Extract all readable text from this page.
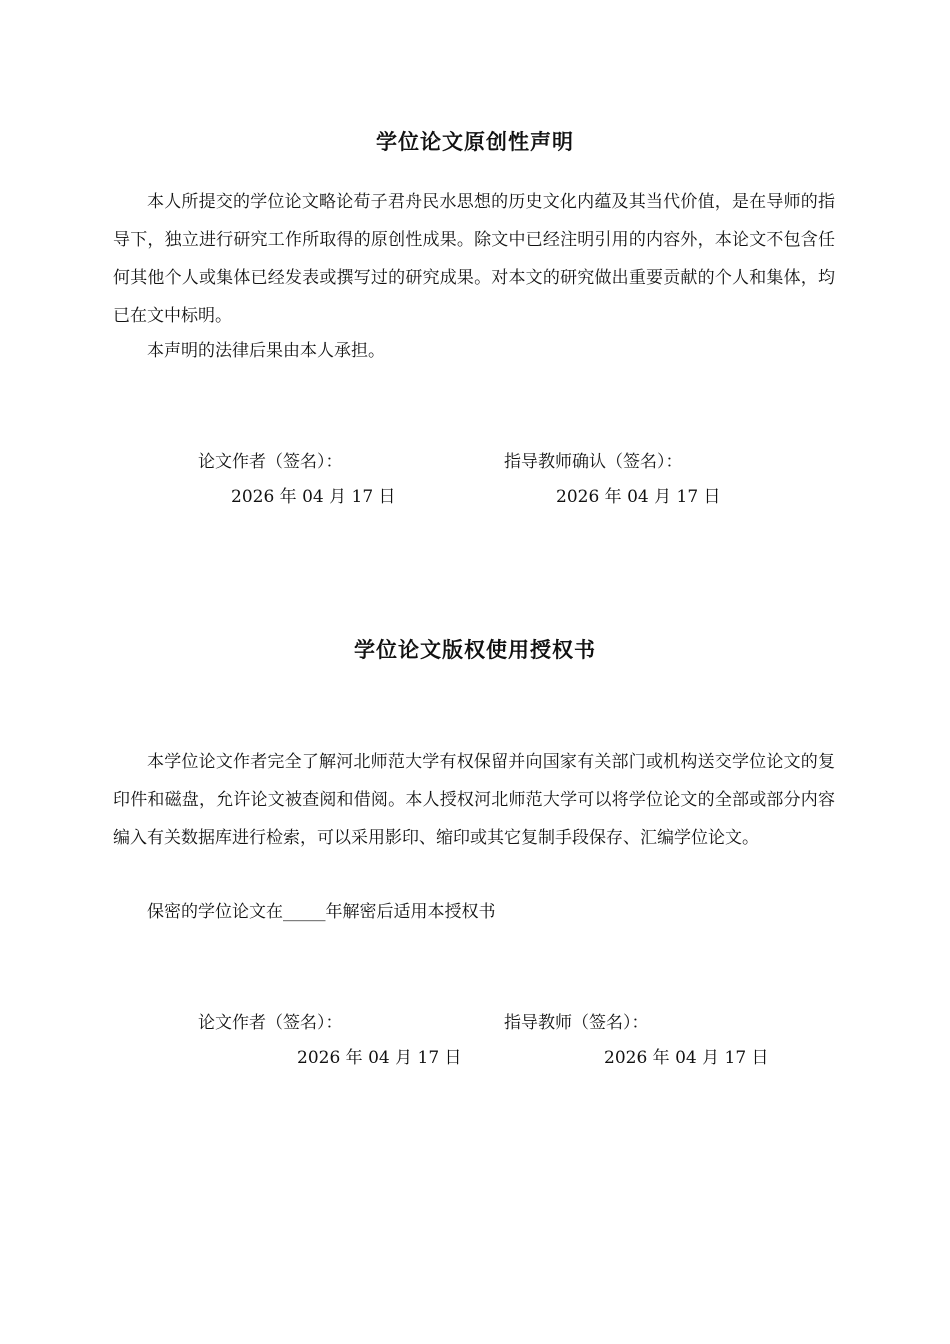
学位论文原创性声明

本人所提交的学位论文略论荀子君舟民水思想的历史文化内蕴及其当代价值，是在导师的指导下，独立进行研究工作所取得的原创性成果。除文中已经注明引用的内容外，本论文不包含任何其他个人或集体已经发表或撰写过的研究成果。对本文的研究做出重要贡献的个人和集体，均已在文中标明。

本声明的法律后果由本人承担。

论文作者（签名）：	指导教师确认（签名）：
2026 年 04 月 17 日	2026 年 04 月 17 日
学位论文版权使用授权书

本学位论文作者完全了解河北师范大学有权保留并向国家有关部门或机构送交学位论文的复印件和磁盘，允许论文被查阅和借阅。本人授权河北师范大学可以将学位论文的全部或部分内容编入有关数据库进行检索，可以采用影印、缩印或其它复制手段保存、汇编学位论文。

保密的学位论文在_____年解密后适用本授权书

论文作者（签名）：	指导教师（签名）：
2026 年 04 月 17 日	2026 年 04 月 17 日
